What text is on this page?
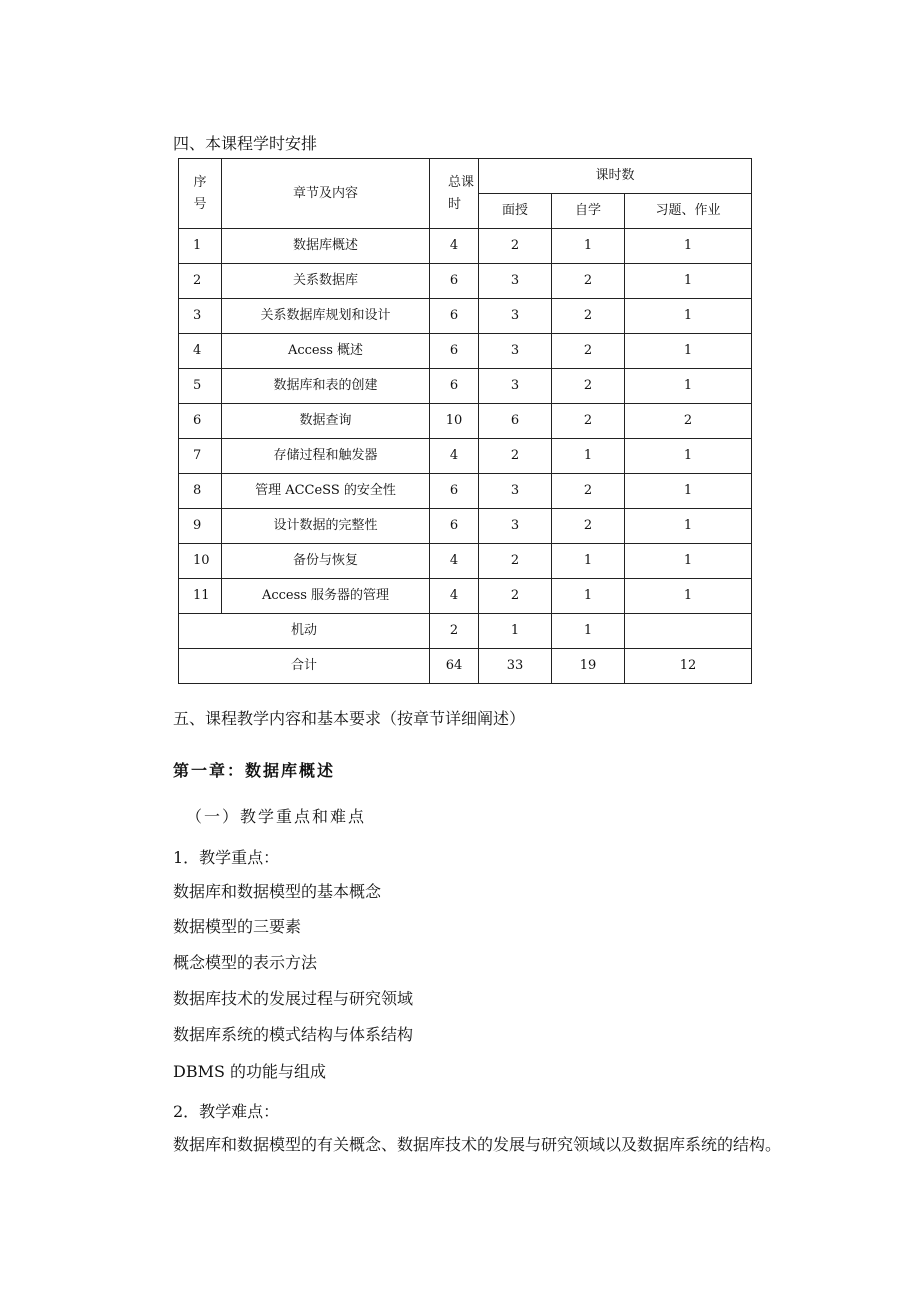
四、本课程学时安排
序号	章节及内容	总课时	课时数		
			面授	自学	习题、作业
1	数据库概述	4	2	1	1
2	关系数据库	6	3	2	1
3	关系数据库规划和设计	6	3	2	1
4	Access 概述	6	3	2	1
5	数据库和表的创建	6	3	2	1
6	数据查询	10	6	2	2
7	存储过程和触发器	4	2	1	1
8	管理 ACCeSS 的安全性	6	3	2	1
9	设计数据的完整性	6	3	2	1
10	备份与恢复	4	2	1	1
11	Access 服务器的管理	4	2	1	1
机动		2	1	1	
合计		64	33	19	12
五、课程教学内容和基本要求（按章节详细阐述）
第一章：数据库概述
（一）教学重点和难点
1．教学重点：
数据库和数据模型的基本概念
数据模型的三要素
概念模型的表示方法
数据库技术的发展过程与研究领域
数据库系统的模式结构与体系结构
DBMS 的功能与组成
2．教学难点：
数据库和数据模型的有关概念、数据库技术的发展与研究领域以及数据库系统的结构。
